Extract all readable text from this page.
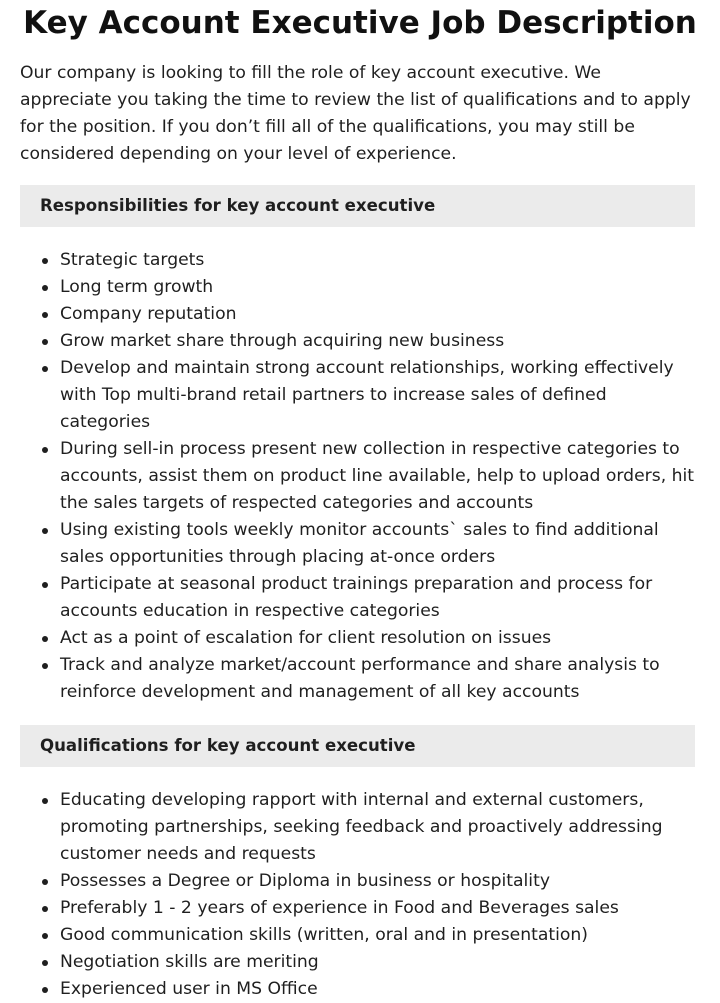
Key Account Executive Job Description

Our company is looking to fill the role of key account executive. We appreciate you taking the time to review the list of qualifications and to apply for the position. If you don’t fill all of the qualifications, you may still be considered depending on your level of experience.

Responsibilities for key account executive
Strategic targets
Long term growth
Company reputation
Grow market share through acquiring new business
Develop and maintain strong account relationships, working effectively with Top multi-brand retail partners to increase sales of defined categories
During sell-in process present new collection in respective categories to accounts, assist them on product line available, help to upload orders, hit the sales targets of respected categories and accounts
Using existing tools weekly monitor accounts` sales to find additional sales opportunities through placing at-once orders
Participate at seasonal product trainings preparation and process for accounts education in respective categories
Act as a point of escalation for client resolution on issues
Track and analyze market/account performance and share analysis to reinforce development and management of all key accounts
Qualifications for key account executive
Educating developing rapport with internal and external customers, promoting partnerships, seeking feedback and proactively addressing customer needs and requests
Possesses a Degree or Diploma in business or hospitality
Preferably 1 - 2 years of experience in Food and Beverages sales
Good communication skills (written, oral and in presentation)
Negotiation skills are meriting
Experienced user in MS Office
